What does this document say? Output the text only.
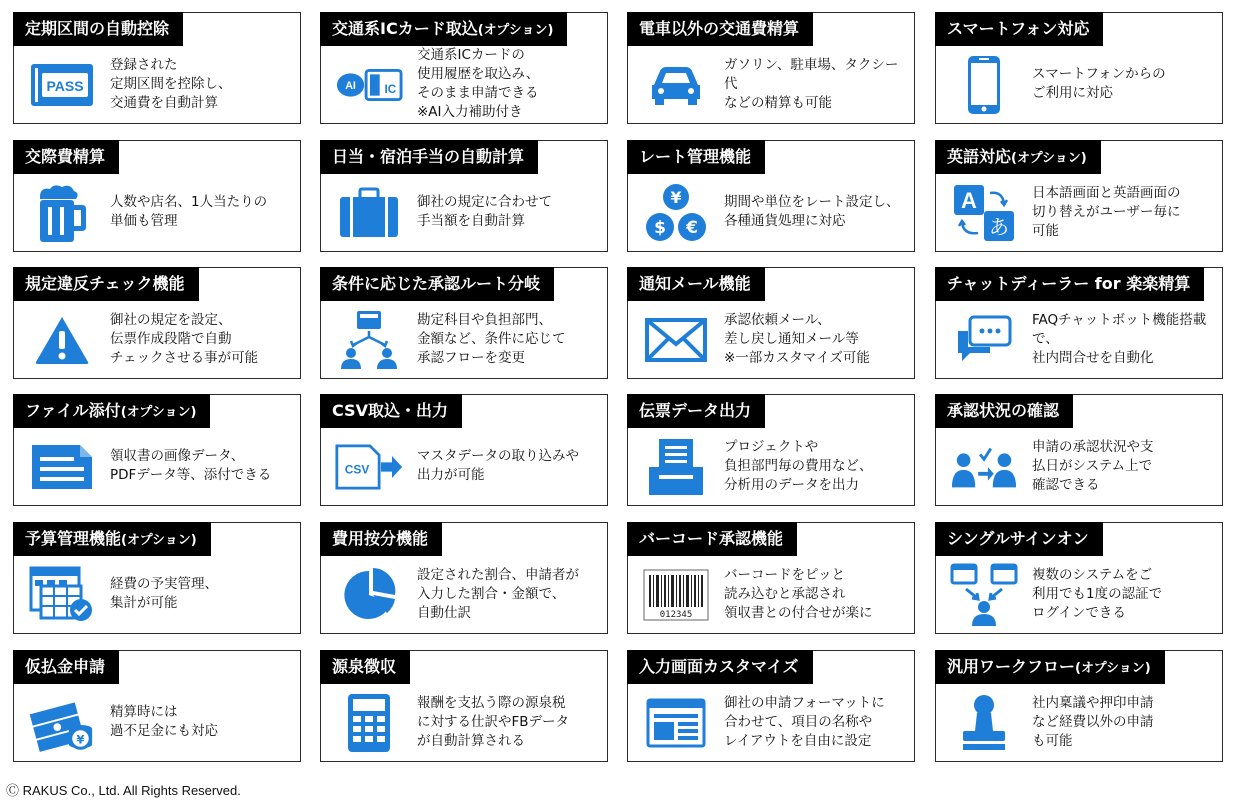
定期区間の自動控除
PASS
登録された
定期区間を控除し、
交通費を自動計算
交通系ICカード取込(オプション)
AI IC
交通系ICカードの
使用履歴を取込み、
そのまま申請できる
※AI入力補助付き
電車以外の交通費精算
ガソリン、駐車場、タクシー代
などの精算も可能
スマートフォン対応
スマートフォンからの
ご利用に対応
交際費精算
人数や店名、1人当たりの
単価も管理
日当・宿泊手当の自動計算
御社の規定に合わせて
手当額を自動計算
レート管理機能
¥
$ €
期間や単位をレート設定し、
各種通貨処理に対応
英語対応(オプション)
A
あ
日本語画面と英語画面の
切り替えがユーザー毎に
可能
規定違反チェック機能
御社の規定を設定、
伝票作成段階で自動
チェックさせる事が可能
条件に応じた承認ルート分岐
勘定科目や負担部門、
金額など、条件に応じて
承認フローを変更
通知メール機能
承認依頼メール、
差し戻し通知メール等
※一部カスタマイズ可能
チャットディーラー for 楽楽精算
FAQチャットボット機能搭載で、
社内問合せを自動化
ファイル添付(オプション)
領収書の画像データ、
PDFデータ等、添付できる
CSV取込・出力
CSV
マスタデータの取り込みや
出力が可能
伝票データ出力
プロジェクトや
負担部門毎の費用など、
分析用のデータを出力
承認状況の確認
申請の承認状況や支
払日がシステム上で
確認できる
予算管理機能(オプション)
経費の予実管理、
集計が可能
費用按分機能
設定された割合、申請者が
入力した割合・金額で、
自動仕訳
バーコード承認機能
012345
バーコードをピッと
読み込むと承認され
領収書との付合せが楽に
シングルサインオン
複数のシステムをご
利用でも1度の認証で
ログインできる
仮払金申請
¥
精算時には
過不足金にも対応
源泉徴収
報酬を支払う際の源泉税
に対する仕訳やFBデータ
が自動計算される
入力画面カスタマイズ
御社の申請フォーマットに
合わせて、項目の名称や
レイアウトを自由に設定
汎用ワークフロー(オプション)
社内稟議や押印申請
など経費以外の申請
も可能
Ⓒ RAKUS Co., Ltd. All Rights Reserved.
